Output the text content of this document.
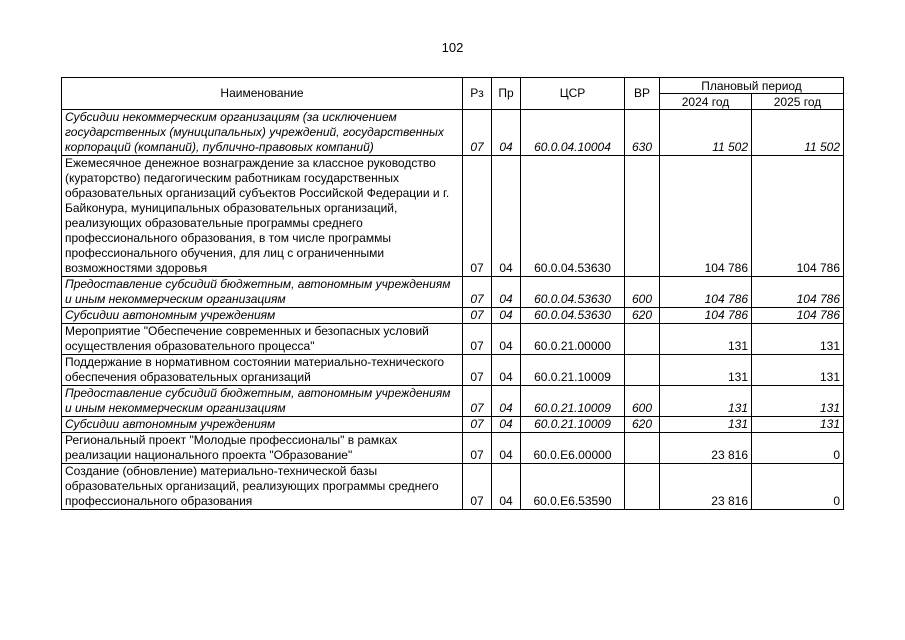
102
Наименование	Рз	Пр	ЦСР	ВР	Плановый период	
					2024 год	2025 год
Субсидии некоммерческим организациям (за исключением государственных (муниципальных) учреждений, государственных корпораций (компаний), публично-правовых компаний)	07	04	60.0.04.10004	630	11 502	11 502
Ежемесячное денежное вознаграждение за классное руководство (кураторство) педагогическим работникам государственных образовательных организаций субъектов Российской Федерации и г. Байконура, муниципальных образовательных организаций, реализующих образовательные программы среднего профессионального образования, в том числе программы профессионального обучения, для лиц с ограниченными возможностями здоровья	07	04	60.0.04.53630		104 786	104 786
Предоставление субсидий бюджетным, автономным учреждениям и иным некоммерческим организациям	07	04	60.0.04.53630	600	104 786	104 786
Субсидии автономным учреждениям	07	04	60.0.04.53630	620	104 786	104 786
Мероприятие "Обеспечение современных и безопасных условий осуществления образовательного процесса"	07	04	60.0.21.00000		131	131
Поддержание в нормативном состоянии материально-технического обеспечения образовательных организаций	07	04	60.0.21.10009		131	131
Предоставление субсидий бюджетным, автономным учреждениям и иным некоммерческим организациям	07	04	60.0.21.10009	600	131	131
Субсидии автономным учреждениям	07	04	60.0.21.10009	620	131	131
Региональный проект "Молодые профессионалы" в рамках реализации национального проекта "Образование"	07	04	60.0.Е6.00000		23 816	0
Создание (обновление) материально-технической базы образовательных организаций, реализующих программы среднего профессионального образования	07	04	60.0.Е6.53590		23 816	0
